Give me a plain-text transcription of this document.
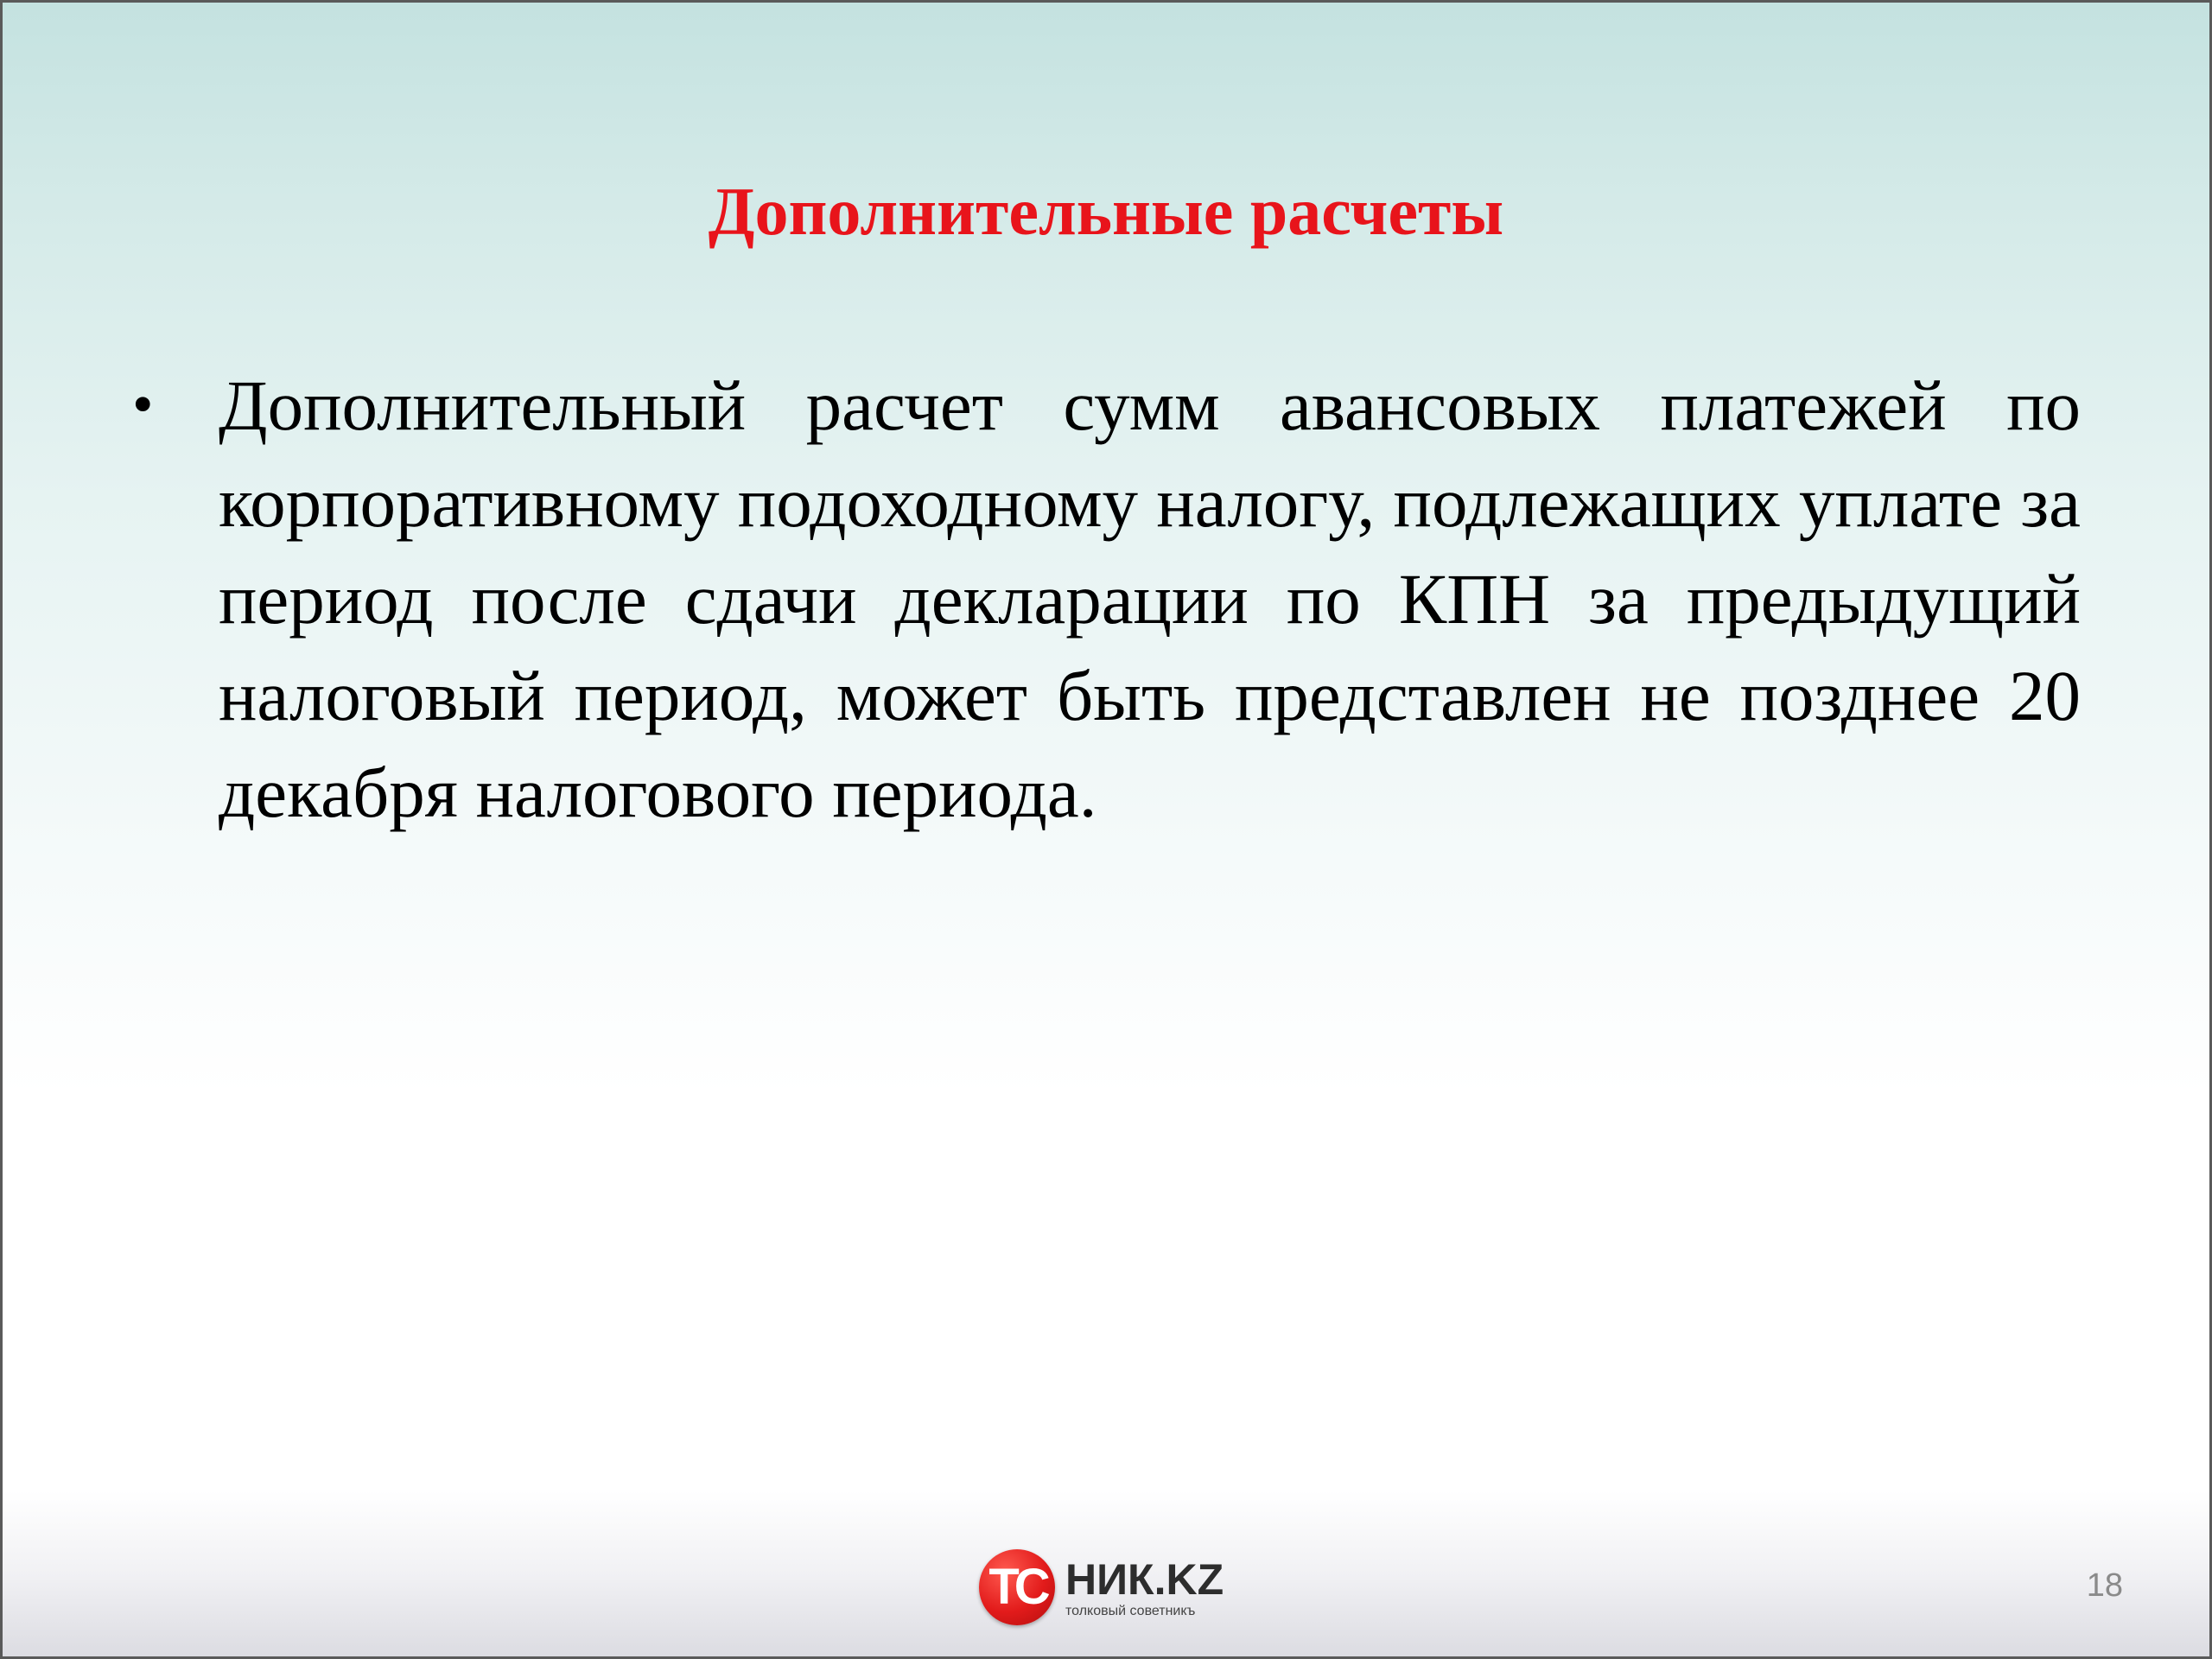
Дополнительные расчеты
• Дополнительный расчет сумм авансовых платежей по корпоративному подоходному налогу, подлежащих уплате за период после сдачи декларации по КПН за предыдущий налоговый период, может быть представлен не позднее 20 декабря налогового периода.
ТС НИК.KZ
толковый советникъ
18
